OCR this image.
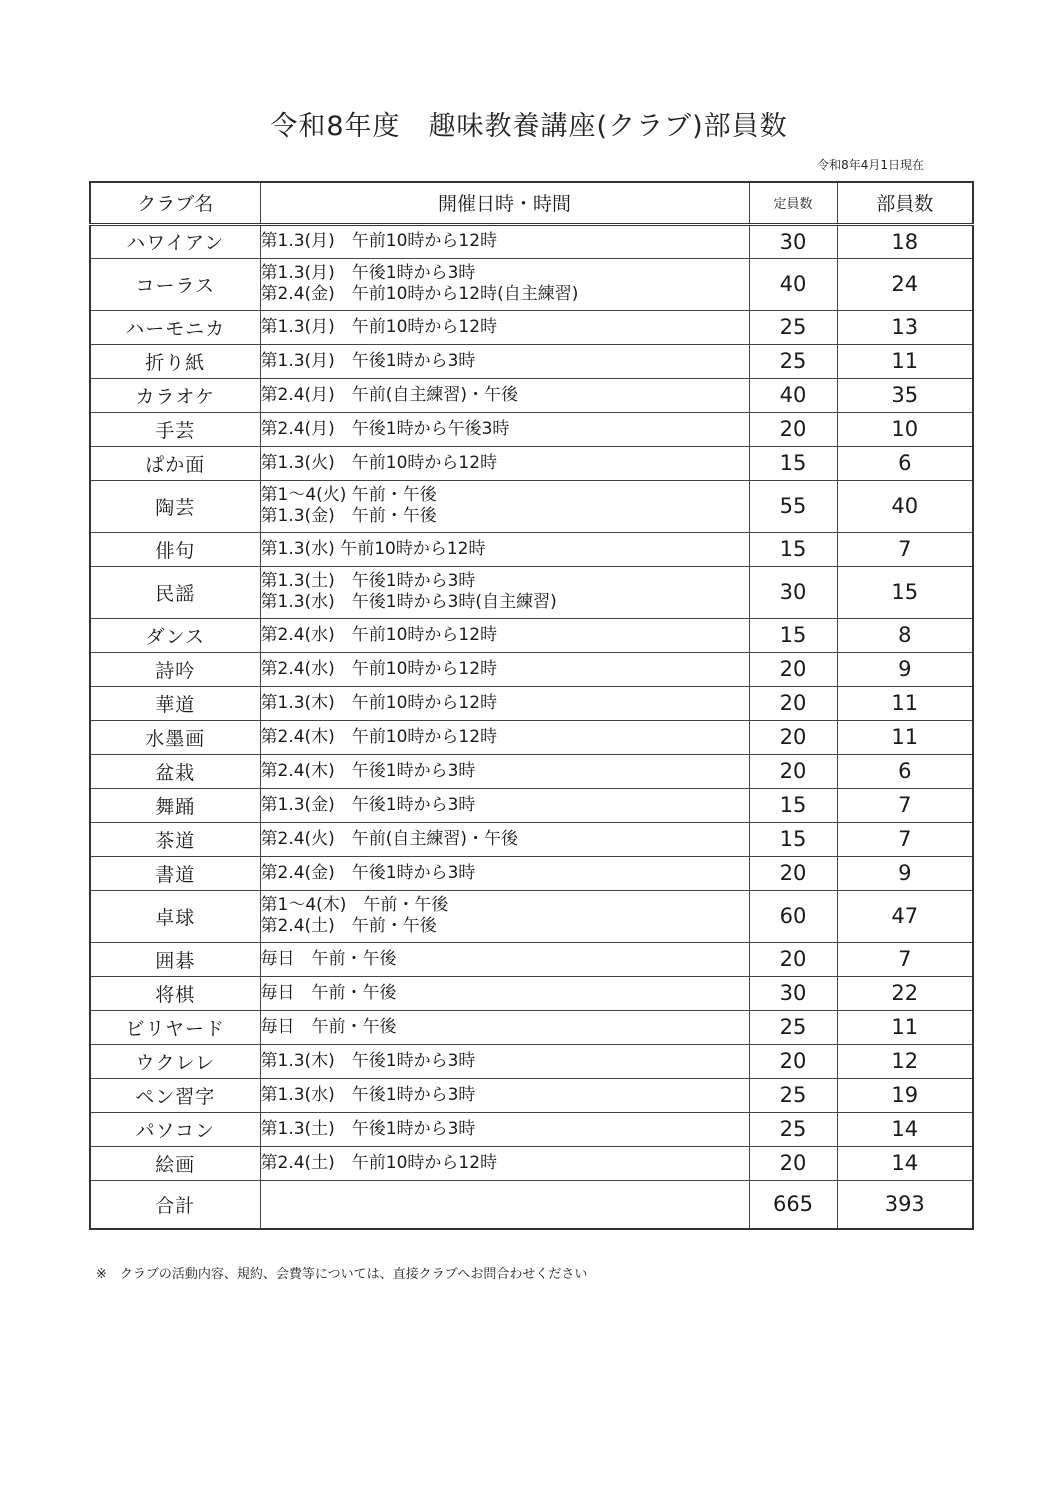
令和8年度　趣味教養講座(クラブ)部員数
令和8年4月1日現在
クラブ名	開催日時・時間	定員数	部員数
ハワイアン	第1.3(月)　午前10時から12時	30	18
コーラス	第1.3(月)　午後1時から3時
第2.4(金)　午前10時から12時(自主練習)	40	24
ハーモニカ	第1.3(月)　午前10時から12時	25	13
折り紙	第1.3(月)　午後1時から3時	25	11
カラオケ	第2.4(月)　午前(自主練習)・午後	40	35
手芸	第2.4(月)　午後1時から午後3時	20	10
ぱか面	第1.3(火)　午前10時から12時	15	6
陶芸	第1～4(火) 午前・午後
第1.3(金)　午前・午後	55	40
俳句	第1.3(水) 午前10時から12時	15	7
民謡	第1.3(土)　午後1時から3時
第1.3(水)　午後1時から3時(自主練習)	30	15
ダンス	第2.4(水)　午前10時から12時	15	8
詩吟	第2.4(水)　午前10時から12時	20	9
華道	第1.3(木)　午前10時から12時	20	11
水墨画	第2.4(木)　午前10時から12時	20	11
盆栽	第2.4(木)　午後1時から3時	20	6
舞踊	第1.3(金)　午後1時から3時	15	7
茶道	第2.4(火)　午前(自主練習)・午後	15	7
書道	第2.4(金)　午後1時から3時	20	9
卓球	第1～4(木)　午前・午後
第2.4(土)　午前・午後	60	47
囲碁	毎日　午前・午後	20	7
将棋	毎日　午前・午後	30	22
ビリヤード	毎日　午前・午後	25	11
ウクレレ	第1.3(木)　午後1時から3時	20	12
ペン習字	第1.3(水)　午後1時から3時	25	19
パソコン	第1.3(土)　午後1時から3時	25	14
絵画	第2.4(土)　午前10時から12時	20	14
合計		665	393
※　クラブの活動内容、規約、会費等については、直接クラブへお問合わせください
